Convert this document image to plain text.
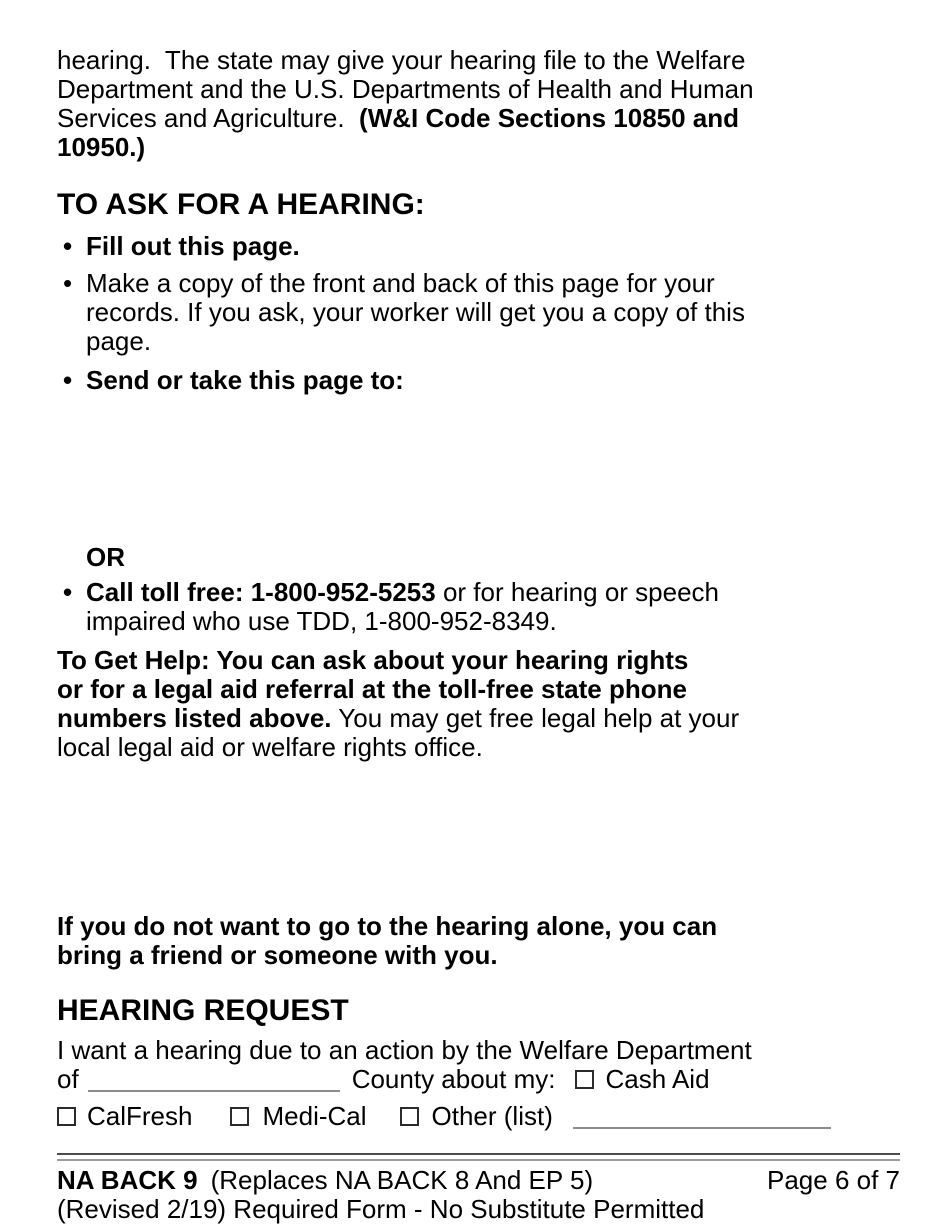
hearing.  The state may give your hearing file to the Welfare
Department and the U.S. Departments of Health and Human
Services and Agriculture.  (W&I Code Sections 10850 and
10950.)
TO ASK FOR A HEARING:
• Fill out this page.
• Make a copy of the front and back of this page for your
records. If you ask, your worker will get you a copy of this
page.
• Send or take this page to:
OR
• Call toll free: 1-800-952-5253 or for hearing or speech
impaired who use TDD, 1-800-952-8349.
To Get Help: You can ask about your hearing rights
or for a legal aid referral at the toll-free state phone
numbers listed above. You may get free legal help at your
local legal aid or welfare rights office.
If you do not want to go to the hearing alone, you can
bring a friend or someone with you.
HEARING REQUEST
I want a hearing due to an action by the Welfare Department
of	County about my: Cash Aid
CalFresh	Medi-Cal	Other (list)
NA BACK 9 (Replaces NA BACK 8 And EP 5)	Page 6 of 7
(Revised 2/19) Required Form - No Substitute Permitted
